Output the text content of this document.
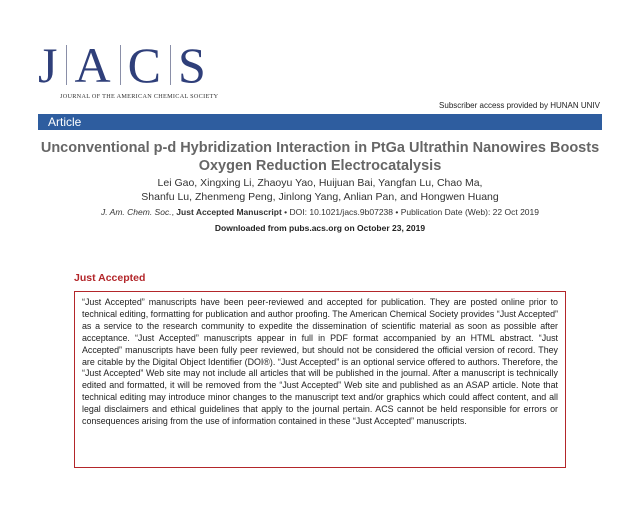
J A C S
JOURNAL OF THE AMERICAN CHEMICAL SOCIETY
Subscriber access provided by HUNAN UNIV
Article
Unconventional p-d Hybridization Interaction in PtGa Ultrathin Nanowires Boosts Oxygen Reduction Electrocatalysis
Lei Gao, Xingxing Li, Zhaoyu Yao, Huijuan Bai, Yangfan Lu, Chao Ma,
Shanfu Lu, Zhenmeng Peng, Jinlong Yang, Anlian Pan, and Hongwen Huang
J. Am. Chem. Soc., Just Accepted Manuscript • DOI: 10.1021/jacs.9b07238 • Publication Date (Web): 22 Oct 2019
Downloaded from pubs.acs.org on October 23, 2019
Just Accepted
“Just Accepted” manuscripts have been peer-reviewed and accepted for publication. They are posted online prior to technical editing, formatting for publication and author proofing. The American Chemical Society provides “Just Accepted” as a service to the research community to expedite the dissemination of scientific material as soon as possible after acceptance. “Just Accepted” manuscripts appear in full in PDF format accompanied by an HTML abstract. “Just Accepted” manuscripts have been fully peer reviewed, but should not be considered the official version of record. They are citable by the Digital Object Identifier (DOI®). “Just Accepted” is an optional service offered to authors. Therefore, the “Just Accepted” Web site may not include all articles that will be published in the journal. After a manuscript is technically edited and formatted, it will be removed from the “Just Accepted” Web site and published as an ASAP article. Note that technical editing may introduce minor changes to the manuscript text and/or graphics which could affect content, and all legal disclaimers and ethical guidelines that apply to the journal pertain. ACS cannot be held responsible for errors or consequences arising from the use of information contained in these “Just Accepted” manuscripts.
